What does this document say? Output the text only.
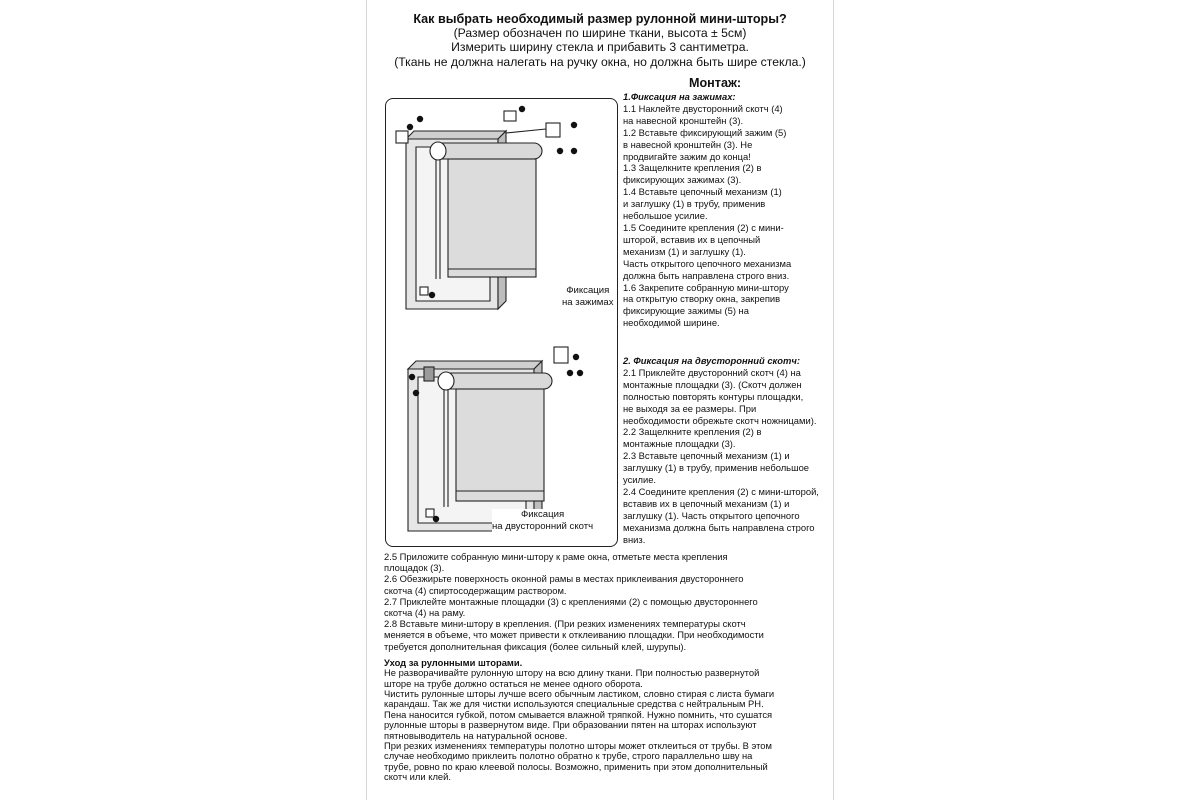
Как выбрать необходимый размер рулонной мини-шторы?
(Размер обозначен по ширине ткани, высота ± 5см)
Измерить ширину стекла и прибавить 3 сантиметра.
(Ткань не должна налегать на ручку окна, но должна быть шире стекла.)
Монтаж:
1.Фиксация на зажимах:
1.1 Наклейте двусторонний скотч (4)
на навесной кронштейн (3).
1.2 Вставьте фиксирующий зажим (5)
в навесной кронштейн (3). Не
продвигайте зажим до конца!
1.3 Защелкните крепления (2) в
фиксирующих зажимах (3).
1.4 Вставьте цепочный механизм (1)
и заглушку (1) в трубу, применив
небольшое усилие.
1.5 Соедините крепления (2) с мини-
шторой, вставив их в цепочный
механизм (1) и заглушку (1).
Часть открытого цепочного механизма
должна быть направлена строго вниз.
1.6 Закрепите собранную мини-штору
на открытую створку окна, закрепив
фиксирующие зажимы (5) на
необходимой ширине.
2. Фиксация на двусторонний скотч:
2.1 Приклейте двусторонний скотч (4) на
монтажные площадки (3). (Скотч должен
полностью повторять контуры площадки,
не выходя за ее размеры. При
необходимости обрежьте скотч ножницами).
2.2 Защелкните крепления (2) в
монтажные площадки (3).
2.3 Вставьте цепочный механизм (1) и
заглушку (1) в трубу, применив небольшое
усилие.
2.4 Соедините крепления (2) с мини-шторой,
вставив их в цепочный механизм (1) и
заглушку (1). Часть открытого цепочного
механизма должна быть направлена строго
вниз.
Фиксация
на зажимах
Фиксация
на двусторонний скотч
2.5 Приложите собранную мини-штору к раме окна, отметьте места крепления
площадок (3).
2.6 Обезжирьте поверхность оконной рамы в местах приклеивания двустороннего
скотча (4) спиртосодержащим раствором.
2.7 Приклейте монтажные площадки (3) с креплениями (2) с помощью двустороннего
скотча (4) на раму.
2.8 Вставьте мини-штору в крепления. (При резких изменениях температуры скотч
меняется в объеме, что может привести к отклеиванию площадки. При необходимости
требуется дополнительная фиксация (более сильный клей, шурупы).
Уход за рулонными шторами.
Не разворачивайте рулонную штору на всю длину ткани. При полностью развернутой
шторе на трубе должно остаться не менее одного оборота.
Чистить рулонные шторы лучше всего обычным ластиком, словно стирая с листа бумаги
карандаш. Так же для чистки используются специальные средства с нейтральным PH.
Пена наносится губкой, потом смывается влажной тряпкой. Нужно помнить, что сушатся
рулонные шторы в развернутом виде. При образовании пятен на шторах используют
пятновыводитель на натуральной основе.
При резких изменениях температуры полотно шторы может отклеиться от трубы. В этом
случае необходимо приклеить полотно обратно к трубе, строго параллельно шву на
трубе, ровно по краю клеевой полосы. Возможно, применить при этом дополнительный
скотч или клей.
